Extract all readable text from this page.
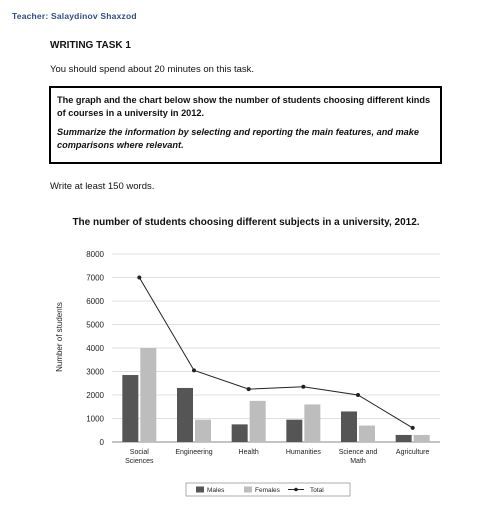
Teacher: Salaydinov Shaxzod
WRITING TASK 1
You should spend about 20 minutes on this task.

The graph and the chart below show the number of students choosing different kinds of courses in a university in 2012.

Summarize the information by selecting and reporting the main features, and make comparisons where relevant.

Write at least 150 words.
The number of students choosing different subjects in a university, 2012.
Number of students
0
1000
2000
3000
4000
5000
6000
7000
8000
Social
Sciences
Engineering	Health	Humanities	Science and
Math
Agriculture
Males	Females	Total
